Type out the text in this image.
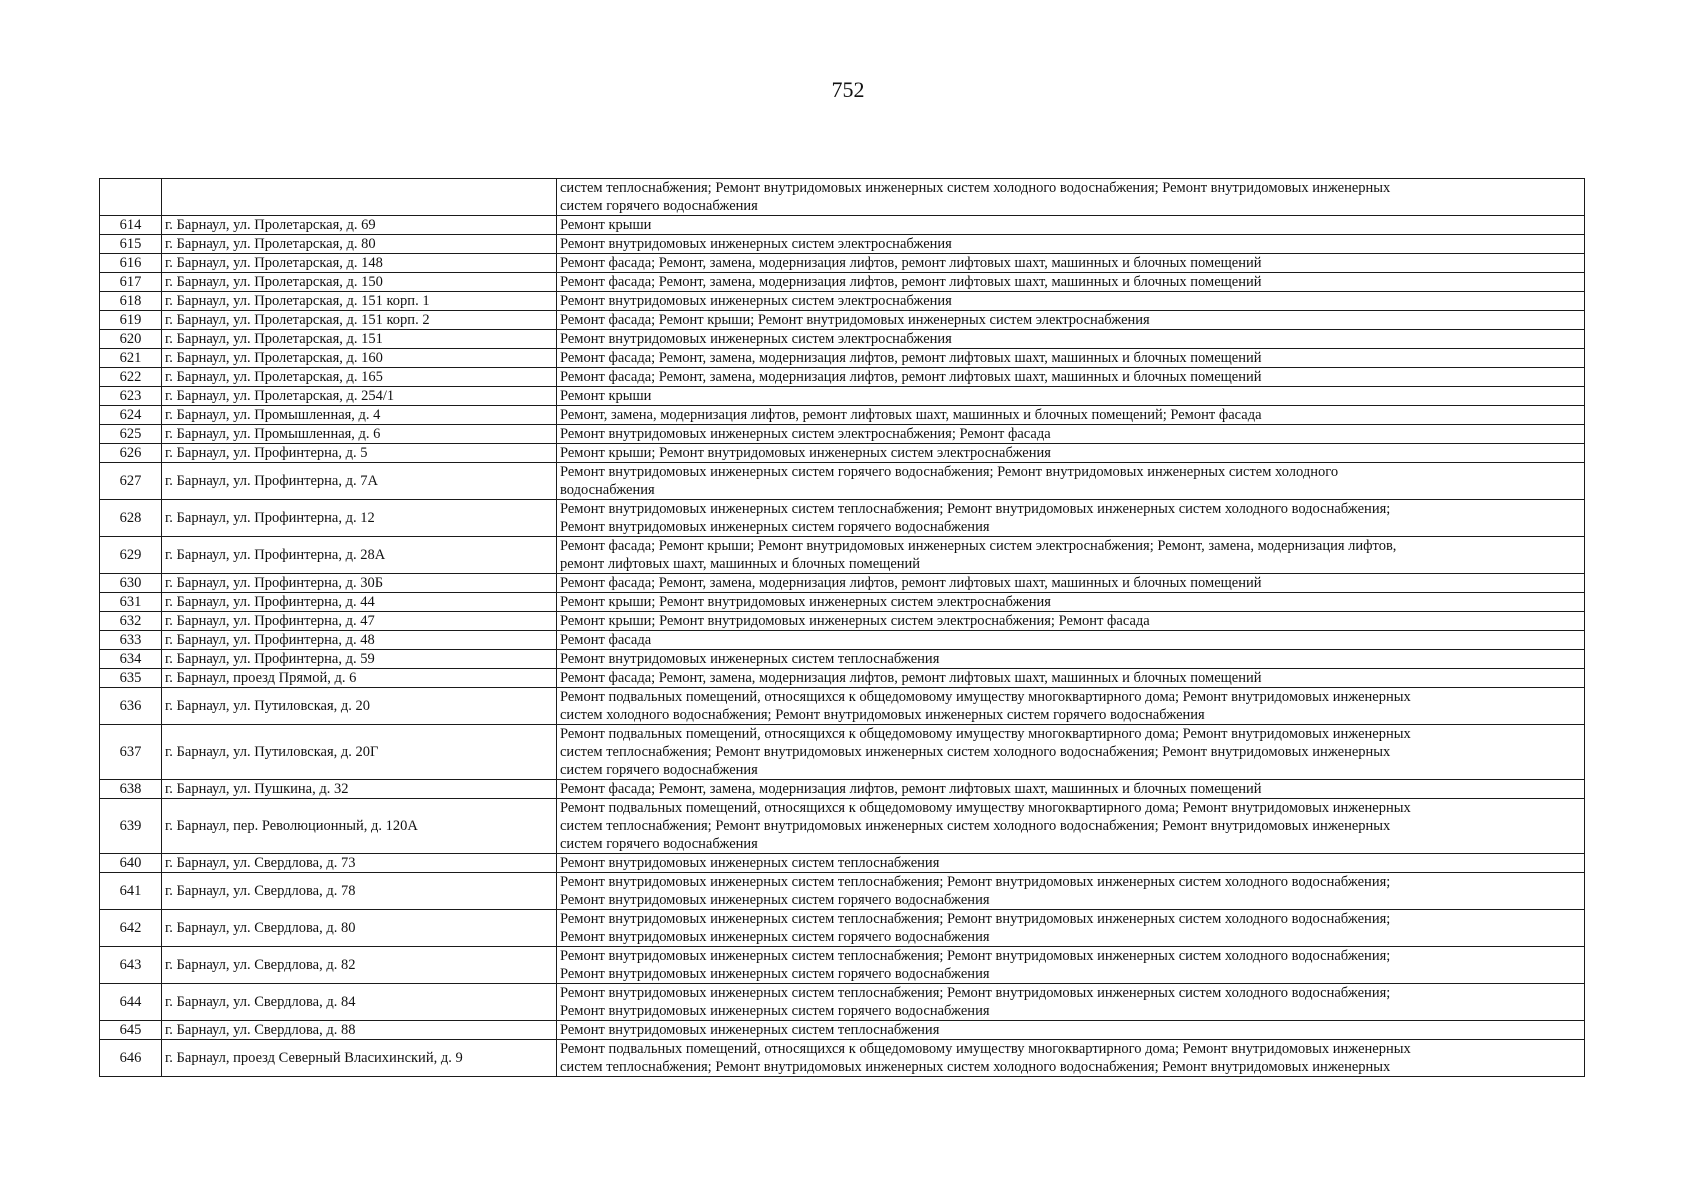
752

		систем теплоснабжения; Ремонт внутридомовых инженерных систем холодного водоснабжения; Ремонт внутридомовых инженерных
систем горячего водоснабжения

614	г. Барнаул, ул. Пролетарская, д. 69	Ремонт крыши

615	г. Барнаул, ул. Пролетарская, д. 80	Ремонт внутридомовых инженерных систем электроснабжения

616	г. Барнаул, ул. Пролетарская, д. 148	Ремонт фасада; Ремонт, замена, модернизация лифтов, ремонт лифтовых шахт, машинных и блочных помещений

617	г. Барнаул, ул. Пролетарская, д. 150	Ремонт фасада; Ремонт, замена, модернизация лифтов, ремонт лифтовых шахт, машинных и блочных помещений

618	г. Барнаул, ул. Пролетарская, д. 151 корп. 1	Ремонт внутридомовых инженерных систем электроснабжения

619	г. Барнаул, ул. Пролетарская, д. 151 корп. 2	Ремонт фасада; Ремонт крыши; Ремонт внутридомовых инженерных систем электроснабжения

620	г. Барнаул, ул. Пролетарская, д. 151	Ремонт внутридомовых инженерных систем электроснабжения

621	г. Барнаул, ул. Пролетарская, д. 160	Ремонт фасада; Ремонт, замена, модернизация лифтов, ремонт лифтовых шахт, машинных и блочных помещений

622	г. Барнаул, ул. Пролетарская, д. 165	Ремонт фасада; Ремонт, замена, модернизация лифтов, ремонт лифтовых шахт, машинных и блочных помещений

623	г. Барнаул, ул. Пролетарская, д. 254/1	Ремонт крыши

624	г. Барнаул, ул. Промышленная, д. 4	Ремонт, замена, модернизация лифтов, ремонт лифтовых шахт, машинных и блочных помещений; Ремонт фасада

625	г. Барнаул, ул. Промышленная, д. 6	Ремонт внутридомовых инженерных систем электроснабжения; Ремонт фасада

626	г. Барнаул, ул. Профинтерна, д. 5	Ремонт крыши; Ремонт внутридомовых инженерных систем электроснабжения

627	г. Барнаул, ул. Профинтерна, д. 7А	Ремонт внутридомовых инженерных систем горячего водоснабжения; Ремонт внутридомовых инженерных систем холодного
водоснабжения

628	г. Барнаул, ул. Профинтерна, д. 12	Ремонт внутридомовых инженерных систем теплоснабжения; Ремонт внутридомовых инженерных систем холодного водоснабжения;
Ремонт внутридомовых инженерных систем горячего водоснабжения

629	г. Барнаул, ул. Профинтерна, д. 28А	Ремонт фасада; Ремонт крыши; Ремонт внутридомовых инженерных систем электроснабжения; Ремонт, замена, модернизация лифтов,
ремонт лифтовых шахт, машинных и блочных помещений

630	г. Барнаул, ул. Профинтерна, д. 30Б	Ремонт фасада; Ремонт, замена, модернизация лифтов, ремонт лифтовых шахт, машинных и блочных помещений

631	г. Барнаул, ул. Профинтерна, д. 44	Ремонт крыши; Ремонт внутридомовых инженерных систем электроснабжения

632	г. Барнаул, ул. Профинтерна, д. 47	Ремонт крыши; Ремонт внутридомовых инженерных систем электроснабжения; Ремонт фасада

633	г. Барнаул, ул. Профинтерна, д. 48	Ремонт фасада

634	г. Барнаул, ул. Профинтерна, д. 59	Ремонт внутридомовых инженерных систем теплоснабжения

635	г. Барнаул, проезд Прямой, д. 6	Ремонт фасада; Ремонт, замена, модернизация лифтов, ремонт лифтовых шахт, машинных и блочных помещений

636	г. Барнаул, ул. Путиловская, д. 20	Ремонт подвальных помещений, относящихся к общедомовому имуществу многоквартирного дома; Ремонт внутридомовых инженерных
систем холодного водоснабжения; Ремонт внутридомовых инженерных систем горячего водоснабжения

637	г. Барнаул, ул. Путиловская, д. 20Г	Ремонт подвальных помещений, относящихся к общедомовому имуществу многоквартирного дома; Ремонт внутридомовых инженерных
систем теплоснабжения; Ремонт внутридомовых инженерных систем холодного водоснабжения; Ремонт внутридомовых инженерных
систем горячего водоснабжения

638	г. Барнаул, ул. Пушкина, д. 32	Ремонт фасада; Ремонт, замена, модернизация лифтов, ремонт лифтовых шахт, машинных и блочных помещений

639	г. Барнаул, пер. Революционный, д. 120А	Ремонт подвальных помещений, относящихся к общедомовому имуществу многоквартирного дома; Ремонт внутридомовых инженерных
систем теплоснабжения; Ремонт внутридомовых инженерных систем холодного водоснабжения; Ремонт внутридомовых инженерных
систем горячего водоснабжения

640	г. Барнаул, ул. Свердлова, д. 73	Ремонт внутридомовых инженерных систем теплоснабжения

641	г. Барнаул, ул. Свердлова, д. 78	Ремонт внутридомовых инженерных систем теплоснабжения; Ремонт внутридомовых инженерных систем холодного водоснабжения;
Ремонт внутридомовых инженерных систем горячего водоснабжения

642	г. Барнаул, ул. Свердлова, д. 80	Ремонт внутридомовых инженерных систем теплоснабжения; Ремонт внутридомовых инженерных систем холодного водоснабжения;
Ремонт внутридомовых инженерных систем горячего водоснабжения

643	г. Барнаул, ул. Свердлова, д. 82	Ремонт внутридомовых инженерных систем теплоснабжения; Ремонт внутридомовых инженерных систем холодного водоснабжения;
Ремонт внутридомовых инженерных систем горячего водоснабжения

644	г. Барнаул, ул. Свердлова, д. 84	Ремонт внутридомовых инженерных систем теплоснабжения; Ремонт внутридомовых инженерных систем холодного водоснабжения;
Ремонт внутридомовых инженерных систем горячего водоснабжения

645	г. Барнаул, ул. Свердлова, д. 88	Ремонт внутридомовых инженерных систем теплоснабжения

646	г. Барнаул, проезд Северный Власихинский, д. 9	Ремонт подвальных помещений, относящихся к общедомовому имуществу многоквартирного дома; Ремонт внутридомовых инженерных
систем теплоснабжения; Ремонт внутридомовых инженерных систем холодного водоснабжения; Ремонт внутридомовых инженерных
